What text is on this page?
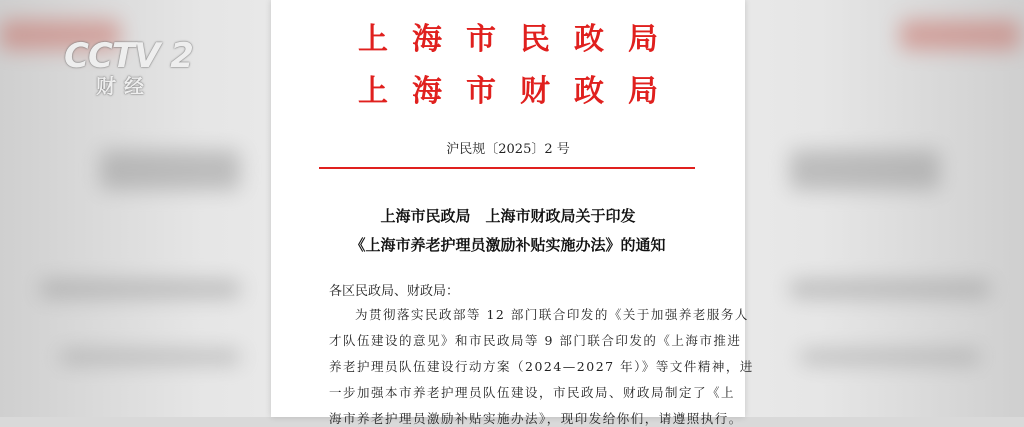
CCTV 2
财经
上海市民政局
上海市财政局
沪民规〔2025〕2 号
上海市民政局　上海市财政局关于印发
《上海市养老护理员激励补贴实施办法》的通知
各区民政局、财政局：
为贯彻落实民政部等 12 部门联合印发的《关于加强养老服务人
才队伍建设的意见》和市民政局等 9 部门联合印发的《上海市推进
养老护理员队伍建设行动方案（2024—2027 年）》等文件精神，进
一步加强本市养老护理员队伍建设，市民政局、财政局制定了《上
海市养老护理员激励补贴实施办法》，现印发给你们，请遵照执行。
